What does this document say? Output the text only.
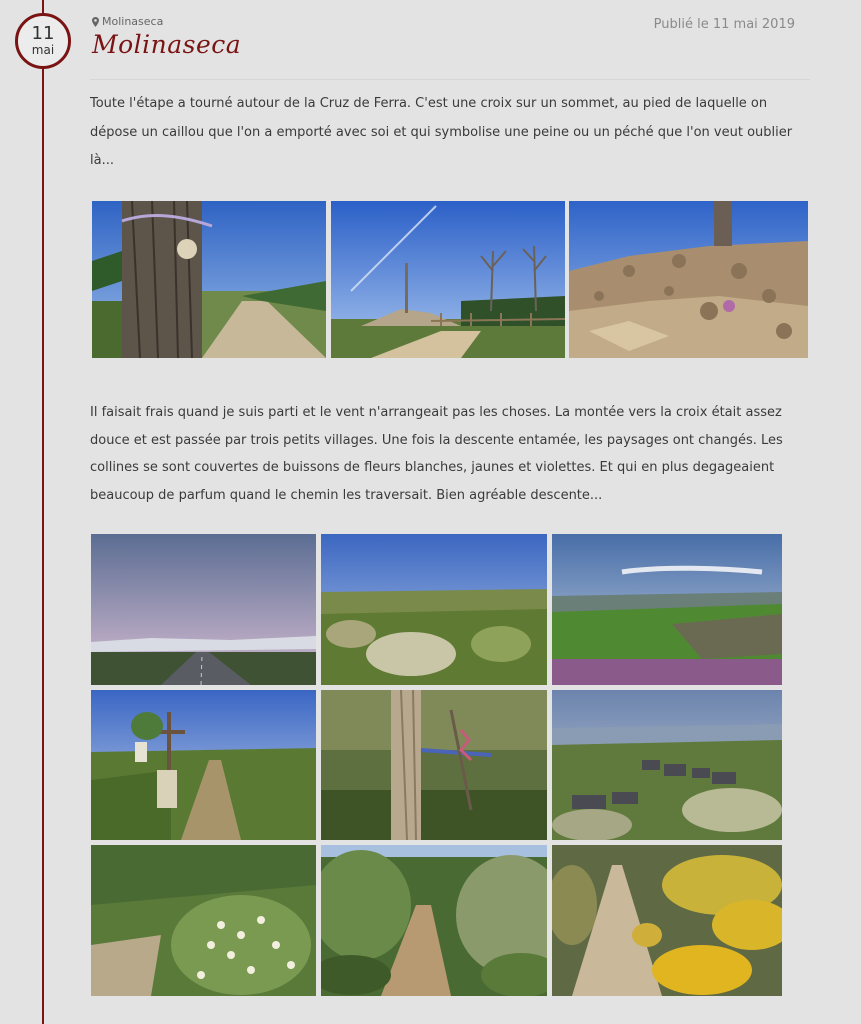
11
mai
Molinaseca
Molinaseca
Publié le 11 mai 2019

Toute l'étape a tourné autour de la Cruz de Ferra. C'est une croix sur un sommet, au pied de laquelle on dépose un caillou que l'on a emporté avec soi et qui symbolise une peine ou un péché que l'on veut oublier là...

Il faisait frais quand je suis parti et le vent n'arrangeait pas les choses. La montée vers la croix était assez douce et est passée par trois petits villages. Une fois la descente entamée, les paysages ont changés. Les collines se sont couvertes de buissons de fleurs blanches, jaunes et violettes. Et qui en plus degageaient beaucoup de parfum quand le chemin les traversait. Bien agréable descente...
